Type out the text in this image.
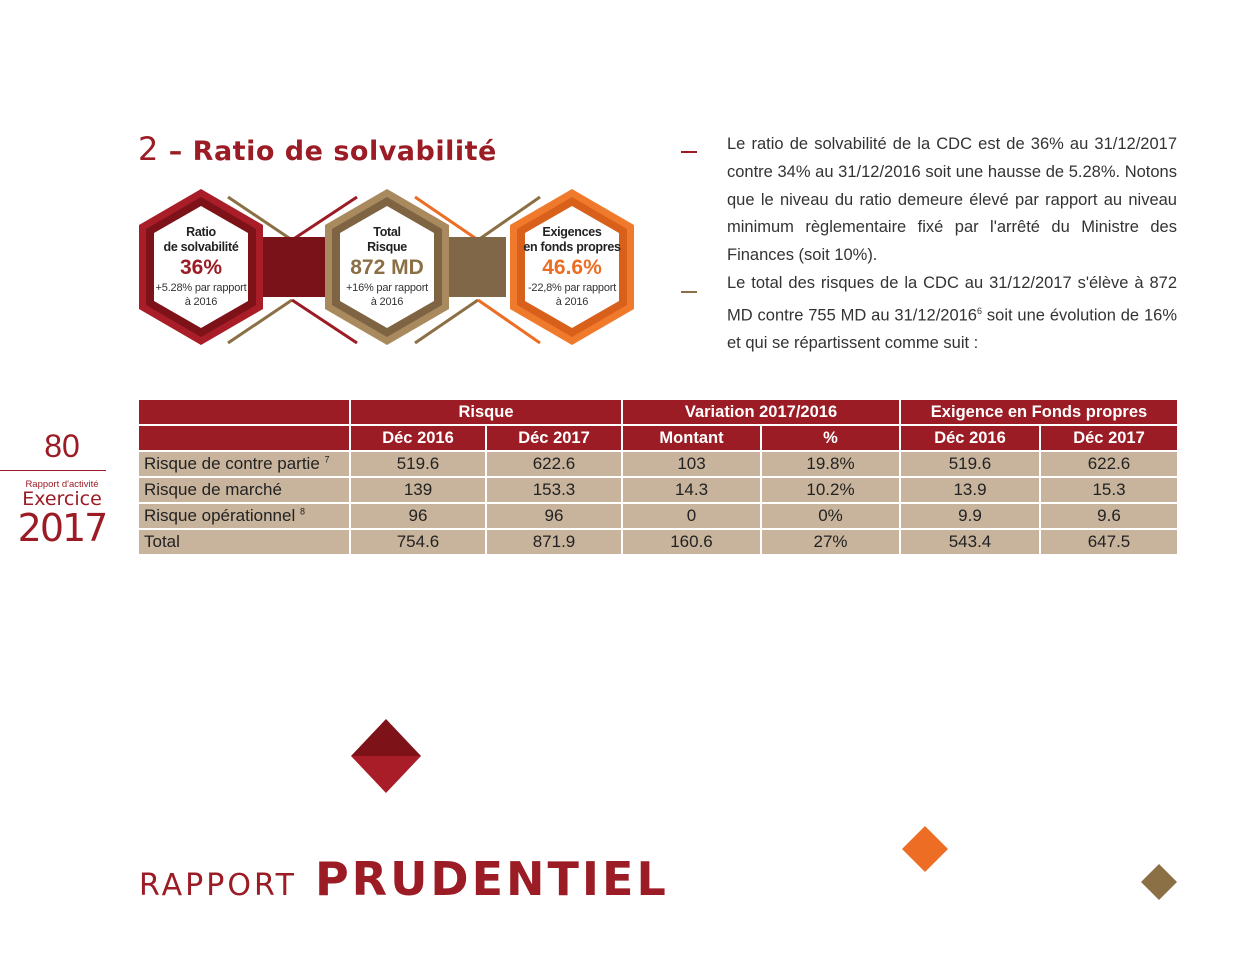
2 – Ratio de solvabilité
Ratio
de solvabilité
36%
+5.28% par rapport
à 2016
Total
Risque
872 MD
+16% par rapport
à 2016
Exigences
en fonds propres
46.6%
-22,8% par rapport
à 2016

Le ratio de solvabilité de la CDC est de 36% au 31/12/2017 contre 34% au 31/12/2016 soit une hausse de 5.28%. Notons que le niveau du ratio demeure élevé par rapport au niveau minimum règlementaire fixé par l'arrêté du Ministre des Finances (soit 10%).

Le total des risques de la CDC au 31/12/2017 s'élève à 872 MD contre 755 MD au 31/12/2016$^6$ soit une évolution de 16% et qui se répartissent comme suit :

	Risque		Variation 2017/2016		Exigence en Fonds propres	
	Déc 2016	Déc 2017	Montant	%	Déc 2016	Déc 2017
Risque de contre partie $^7$	519.6	622.6	103	19.8%	519.6	622.6
Risque de marché	139	153.3	14.3	10.2%	13.9	15.3
Risque opérationnel $^8$	96	96	0	0%	9.9	9.6
Total	754.6	871.9	160.6	27%	543.4	647.5
80
Rapport d'activité
Exercice
2017
RAPPORT PRUDENTIEL
